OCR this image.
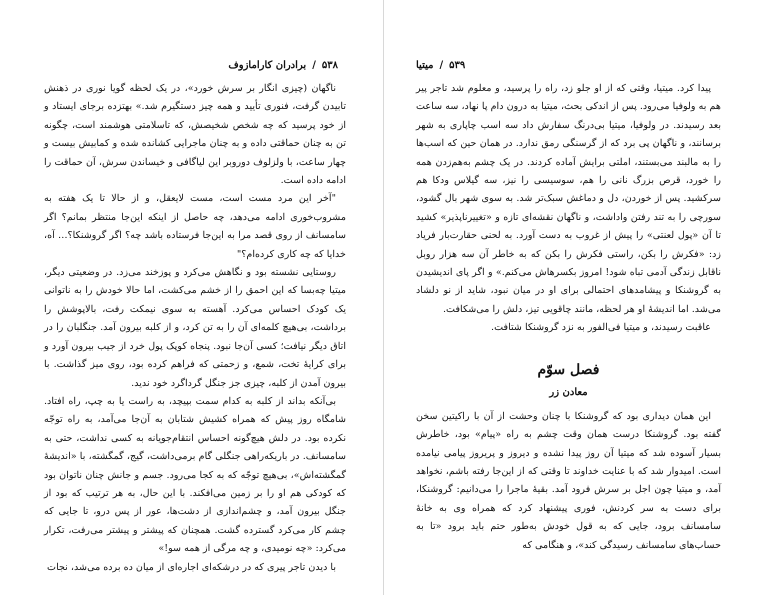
۵۳۸
/
برادران کارامازوف

ناگهان (چیزی انگار بر سرش خورد»، در یک لحظه گویا نوری در ذهنش تابیدن گرفت، فنوری تأیید و همه چیز دستگیرم شد.» بهتزده برجای ایستاد و از خود پرسید که چه شخص شخیصش، که تاسلامتی هوشمند است، چگونه تن به چنان حماقتی داده و به چنان ماجرایی کشانده شده و کمابیش بیست و چهار ساعت، با ولزلوف دوروبر این لیاگافی و خیساندن سرش، آن حماقت را ادامه داده است.

"آخر این مرد مست است، مست لایعقل، و از حالا تا یک هفته به مشروب‌خوری ادامه می‌دهد، چه حاصل از اینکه این‌جا منتظر بمانم؟ اگر سامسانف از روی قصد مرا به این‌جا فرستاده باشد چه؟ اگر گروشنکا؟… آه، خدایا که چه کاری کرده‌ام؟"

روستایی نشسته بود و نگاهش می‌کرد و پوزخند می‌زد. در وضعیتی دیگر، میتیا چه‌بسا که این احمق را از خشم می‌کشت، اما حالا خودش را به ناتوانی یک کودک احساس می‌کرد. آهسته به سوی نیمکت رفت، بالاپوشش را برداشت، بی‌هیچ کلمه‌ای آن را به تن کرد، و از کلبه بیرون آمد. جنگلبان را در اتاق دیگر نیافت؛ کسی آن‌جا نبود. پنجاه کوپک پول خرد از جیب بیرون آورد و برای کرایهٔ تخت، شمع، و زحمتی که فراهم کرده بود، روی میز گذاشت. با بیرون آمدن از کلبه، چیزی جز جنگل گرداگرد خود ندید.

بی‌آنکه بداند از کلبه به کدام سمت بپیچد، به راست یا به چپ، راه افتاد. شامگاه روز پیش که همراه کشیش شتابان به آن‌جا می‌آمد، به راه توجّه نکرده بود. در دلش هیچ‌گونه احساس انتقام‌جویانه به کسی نداشت، حتی به سامسانف. در باریکه‌راهی جنگلی گام برمی‌داشت، گیج، گمگشته، با «اندیشهٔ گمگشته‌اش»، بی‌هیچ توجّه که به کجا می‌رود. جسم و جانش چنان ناتوان بود که کودکی هم او را بر زمین می‌افکند. با این حال، به هر ترتیب که بود از جنگل بیرون آمد، و چشم‌اندازی از دشت‌ها، عور از پس درو، تا جایی که چشم کار می‌کرد گسترده گشت. همچنان که پیشتر و پیشتر می‌رفت، تکرار می‌کرد: «چه نومیدی، و چه مرگی از همه سو!»

با دیدن تاجر پیری که در درشکه‌ای اجاره‌ای از میان ده برده می‌شد، نجات

۵۳۹
/
میتیا

پیدا کرد. میتیا، وقتی که از او جلو زد، راه را پرسید، و معلوم شد تاجر پیر هم به ولوفیا می‌رود. پس از اندکی بحث، میتیا به درون دام پا نهاد، سه ساعت بعد رسیدند. در ولوفیا، میتیا بی‌درنگ سفارش داد سه اسب چاپاری به شهر برسانند، و ناگهان پی برد که از گرسنگی رمق ندارد. در همان حین که اسب‌ها را به مالبند می‌بستند، املتی برایش آماده کردند. در یک چشم به‌هم‌زدن همه را خورد، قرص بزرگ نانی را هم، سوسیسی را نیز، سه گیلاس ودکا هم سرکشید. پس از خوردن، دل و دماغش سبک‌تر شد. به سوی شهر بال گشود، سورچی را به تند رفتن واداشت، و ناگهان نقشه‌ای تازه و «تغییرناپذیر» کشید تا آن «پول لعنتی» را پیش از غروب به دست آورد. به لحنی حقارت‌بار فریاد زد: «فکرش را بکن، راستی فکرش را بکن که به خاطر آن سه هزار روبل ناقابل زندگی آدمی تباه شود! امروز بکسرهاش می‌کنم.» و اگر پای اندیشیدن به گروشنکا و پیشامدهای احتمالی برای او در میان نبود، شاید از نو دلشاد می‌شد. اما اندیشهٔ او هر لحظه، مانند چاقویی تیز، دلش را می‌شکافت.

عاقبت رسیدند، و میتیا فی‌الفور به نزد گروشنکا شتافت.

فصل سوّم
معادن زر

این همان دیداری بود که گروشنکا با چنان وحشت از آن با راکیتین سخن گفته بود. گروشنکا درست همان وقت چشم به راه «پیام» بود، خاطرش بسیار آسوده شد که میتیا آن روز پیدا نشده و دیروز و پریروز پیامی نیامده است. امیدوار شد که با عنایت خداوند تا وقتی که از این‌جا رفته باشم، نخواهد آمد، و میتیا چون اجل بر سرش فرود آمد. بقیهٔ ماجرا را می‌دانیم: گروشنکا، برای دست به سر کردنش، فوری پیشنهاد کرد که همراه وی به خانهٔ سامسانف برود، جایی که به قول خودش به‌طور حتم باید برود «تا به حساب‌های سامسانف رسیدگی کند»، و هنگامی که
